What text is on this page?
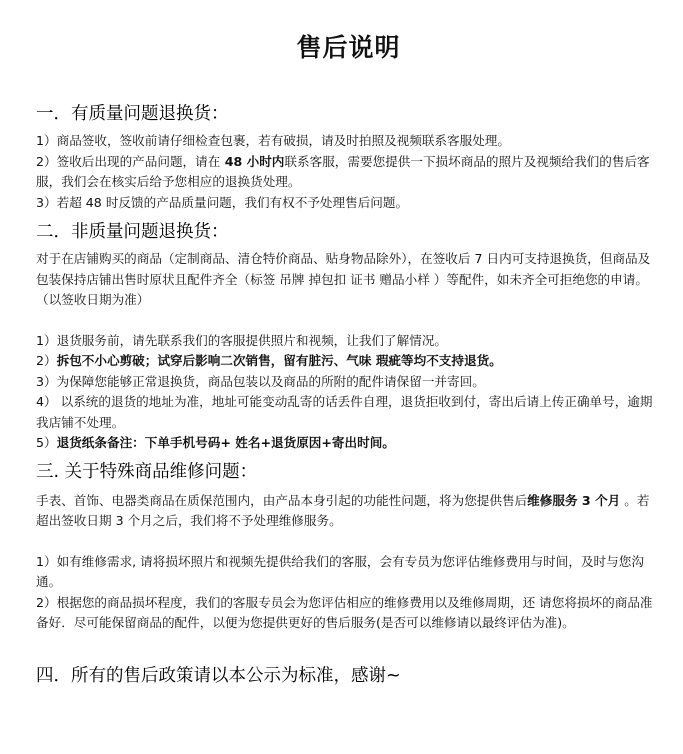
售后说明
一．有质量问题退换货：

1）商品签收，签收前请仔细检查包裹，若有破损，请及时拍照及视频联系客服处理。

2）签收后出现的产品问题，请在 48 小时内联系客服，需要您提供一下损坏商品的照片及视频给我们的售后客服，我们会在核实后给予您相应的退换货处理。

3）若超 48 时反馈的产品质量问题，我们有权不予处理售后问题。

二．非质量问题退换货：

对于在店铺购买的商品（定制商品、清仓特价商品、贴身物品除外），在签收后 7 日内可支持退换货，但商品及包装保持店铺出售时原状且配件齐全（标签 吊牌 掉包扣 证书 赠品小样 ）等配件，如未齐全可拒绝您的申请。（以签收日期为准）

1）退货服务前，请先联系我们的客服提供照片和视频，让我们了解情况。

2）拆包不小心剪破；试穿后影响二次销售，留有脏污、气味 瑕疵等均不支持退货。

3）为保障您能够正常退换货，商品包装以及商品的所附的配件请保留一并寄回。

4） 以系统的退货的地址为准，地址可能变动乱寄的话丢件自理，退货拒收到付，寄出后请上传正确单号，逾期我店铺不处理。

5）退货纸条备注：下单手机号码+ 姓名+退货原因+寄出时间。

三. 关于特殊商品维修问题：

手表、首饰、电器类商品在质保范围内，由产品本身引起的功能性问题，将为您提供售后维修服务 3 个月 。若超出签收日期 3 个月之后，我们将不予处理维修服务。

1）如有维修需求, 请将损坏照片和视频先提供给我们的客服，会有专员为您评估维修费用与时间，及时与您沟通。

2）根据您的商品损坏程度，我们的客服专员会为您评估相应的维修费用以及维修周期，还 请您将损坏的商品准备好．尽可能保留商品的配件，以便为您提供更好的售后服务(是否可以维修请以最终评估为准)。

四．所有的售后政策请以本公示为标准，感谢~
